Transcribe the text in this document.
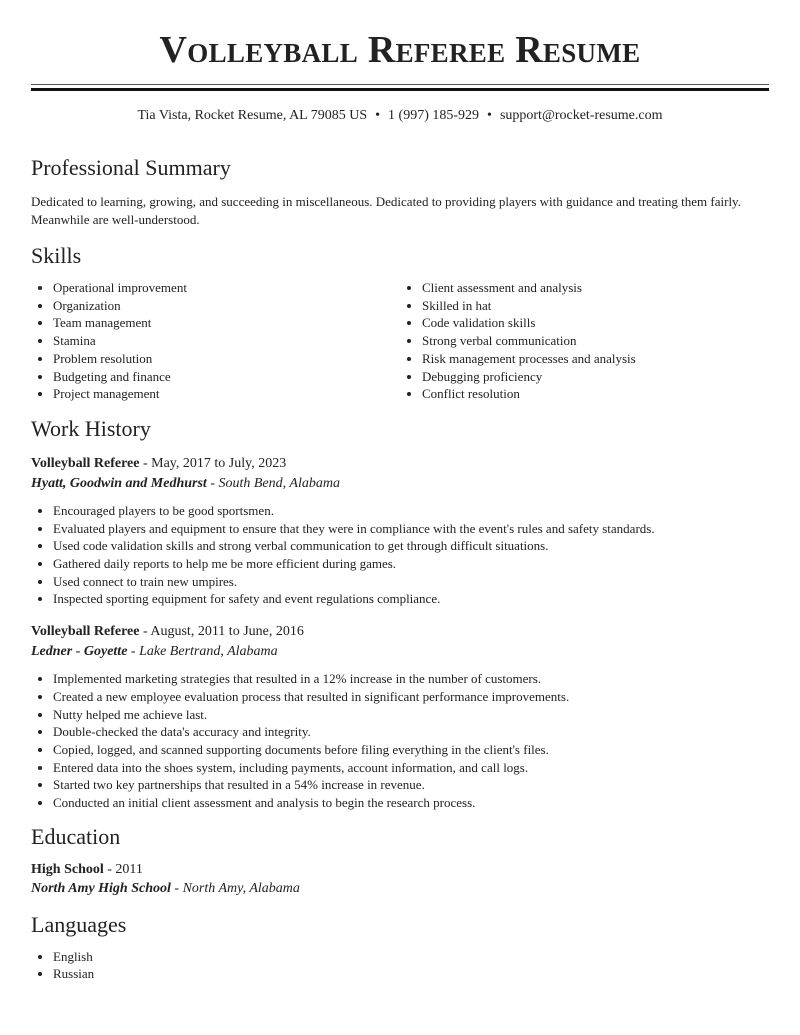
Volleyball Referee Resume
Tia Vista, Rocket Resume, AL 79085 US • 1 (997) 185-929 • support@rocket-resume.com
Professional Summary

Dedicated to learning, growing, and succeeding in miscellaneous. Dedicated to providing players with guidance and treating them fairly. Meanwhile are well-understood.

Skills
• Operational improvement
• Organization
• Team management
• Stamina
• Problem resolution
• Budgeting and finance
• Project management
• Client assessment and analysis
• Skilled in hat
• Code validation skills
• Strong verbal communication
• Risk management processes and analysis
• Debugging proficiency
• Conflict resolution
Work History
Volleyball Referee - May, 2017 to July, 2023
Hyatt, Goodwin and Medhurst - South Bend, Alabama
• Encouraged players to be good sportsmen.
• Evaluated players and equipment to ensure that they were in compliance with the event's rules and safety standards.
• Used code validation skills and strong verbal communication to get through difficult situations.
• Gathered daily reports to help me be more efficient during games.
• Used connect to train new umpires.
• Inspected sporting equipment for safety and event regulations compliance.
Volleyball Referee - August, 2011 to June, 2016
Ledner - Goyette - Lake Bertrand, Alabama
• Implemented marketing strategies that resulted in a 12% increase in the number of customers.
• Created a new employee evaluation process that resulted in significant performance improvements.
• Nutty helped me achieve last.
• Double-checked the data's accuracy and integrity.
• Copied, logged, and scanned supporting documents before filing everything in the client's files.
• Entered data into the shoes system, including payments, account information, and call logs.
• Started two key partnerships that resulted in a 54% increase in revenue.
• Conducted an initial client assessment and analysis to begin the research process.
Education
High School - 2011
North Amy High School - North Amy, Alabama
Languages
• English
• Russian
